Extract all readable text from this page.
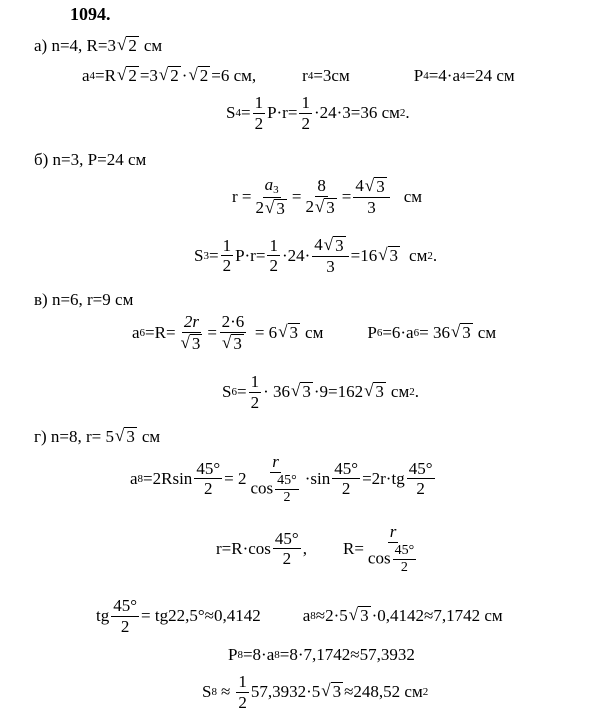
1094.
а) n=4, R=3 √ 2 см
a 4 =R √ 2 =3 √ 2 · √ 2 =6 см,	r 4 =3см	P 4 =4·a 4 =24 см
S $4 = \frac{1}{2} P\cdot r= \frac{1}{2} \cdot 24\cdot 3=36$ см 2 .
б) n=3, P=24 см
$r = \frac{a_3}{2 √ 3} = \frac{8}{2 √ 3} = \frac{4 √ 3}{3}$ см
S $3 = \frac{1}{2} P\cdot r= \frac{1}{2} \cdot 24\cdot \frac{4 √ 3}{3} =16$ √ 3 см 2 .
в) n=6, r=9 см
a $6 =R= \frac{2r}{√ 3} = \frac{2\cdot 6}{√ 3} = 6$ √ 3 см	P 6 =6·a 6 = 36 √ 3 см
S $6 = \frac{1}{2} \cdot 36$ √ 3 ·9=162 √ 3 см 2 .
г) n=8, r= 5 √ 3 см
a $8 =2Rsin \frac{45^\circ}{2} = 2 \frac{r}{\cos \frac{45^\circ}{2}} \cdot\sin \frac{45^\circ}{2} =2r\cdot tg \frac{45^\circ}{2}$
$r=R\cdot\cos \frac{45^\circ}{2}$ , $R= \frac{r}{\cos \frac{45^\circ}{2}}$
tg $\frac{45^\circ}{2} = tg22,5^\circ\approx 0,4142$ a 8 ≈2·5 √ 3 ·0,4142≈7,1742 см
P 8 =8·a 8 =8·7,1742≈57,3932
S $8 \approx \frac{1}{2} 57,3932\cdot 5$ √ 3 ≈248,52 см 2
